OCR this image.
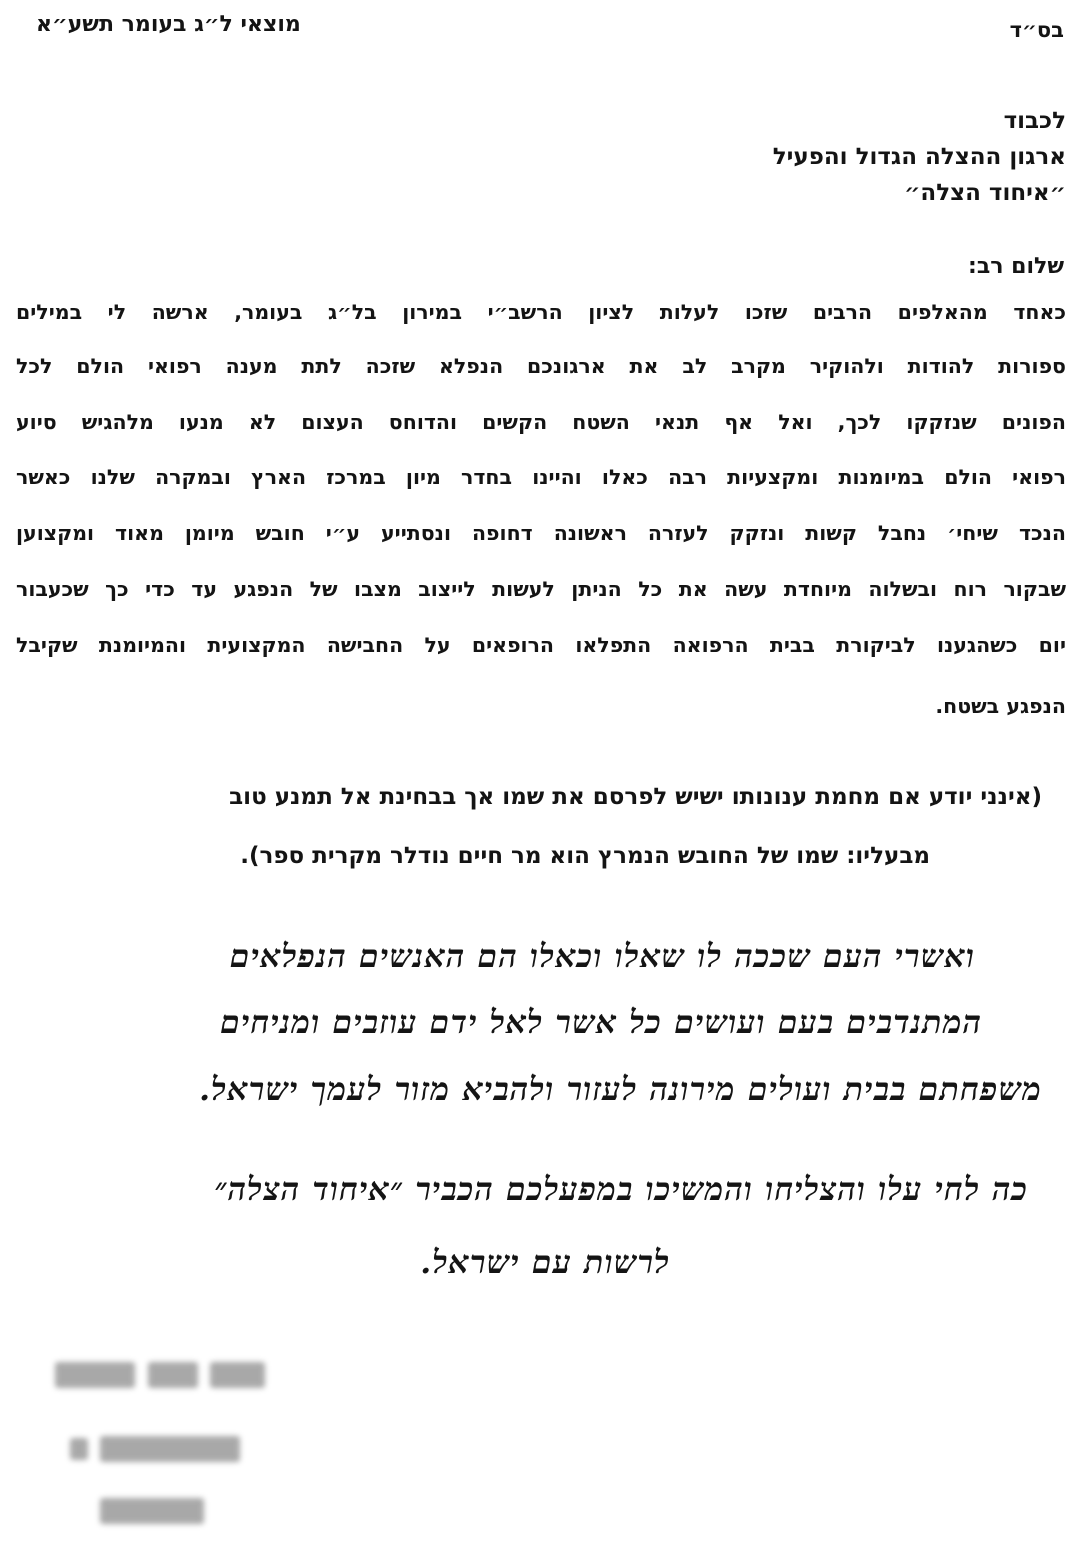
בס״ד
מוצאי ל״ג בעומר תשע״א
לכבוד
ארגון ההצלה הגדול והפעיל
״איחוד הצלה״
שלום רב:
כאחד מהאלפים הרבים שזכו לעלות לציון הרשב״י במירון בל״ג בעומר, ארשה לי במילים
ספורות להודות ולהוקיר מקרב לב את ארגונכם הנפלא שזכה לתת מענה רפואי הולם לכל
הפונים שנזקקו לכך, ואל אף תנאי השטח הקשים והדוחס העצום לא מנעו מלהגיש סיוע
רפואי הולם במיומנות ומקצעיות רבה כאלו והיינו בחדר מיון במרכז הארץ ובמקרה שלנו כאשר
הנכד שיחי׳ נחבל קשות ונזקק לעזרה ראשונה דחופה ונסתייע ע״י חובש מיומן מאוד ומקצוען
שבקור רוח ובשלוה מיוחדת עשה את כל הניתן לעשות לייצוב מצבו של הנפגע עד כדי כך שכעבור
יום כשהגענו לביקורת בבית הרפואה התפלאו הרופאים על החבישה המקצועית והמיומנת שקיבל
הנפגע בשטח.
(אינני יודע אם מחמת ענונותו ישיש לפרסם את שמו אך בבחינת אל תמנע טוב
מבעליו: שמו של החובש הנמרץ הוא מר חיים נודלר מקרית ספר).
ואשרי העם שככה לו שאלו וכאלו הם האנשים הנפלאים
המתנדבים בעם ועושים כל אשר לאל ידם עוזבים ומניחים
משפחתם בבית ועולים מירונה לעזור ולהביא מזור לעמך ישראל.
כה לחי עלו והצליחו והמשיכו במפעלכם הכביר ״איחוד הצלה״
לרשות עם ישראל.
